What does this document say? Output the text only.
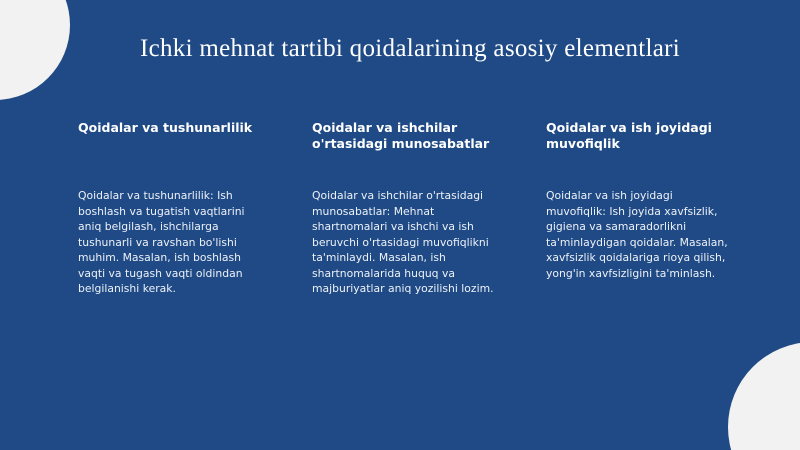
Ichki mehnat tartibi qoidalarining asosiy elementlari
Qoidalar va tushunarlilik

Qoidalar va tushunarlilik: Ish boshlash va tugatish vaqtlarini aniq belgilash, ishchilarga tushunarli va ravshan bo'lishi muhim. Masalan, ish boshlash vaqti va tugash vaqti oldindan belgilanishi kerak.

Qoidalar va ishchilar o'rtasidagi munosabatlar

Qoidalar va ishchilar o'rtasidagi munosabatlar: Mehnat shartnomalari va ishchi va ish beruvchi o'rtasidagi muvofiqlikni ta'minlaydi. Masalan, ish shartnomalarida huquq va majburiyatlar aniq yozilishi lozim.

Qoidalar va ish joyidagi muvofiqlik

Qoidalar va ish joyidagi muvofiqlik: Ish joyida xavfsizlik, gigiena va samaradorlikni ta'minlaydigan qoidalar. Masalan, xavfsizlik qoidalariga rioya qilish, yong'in xavfsizligini ta'minlash.
